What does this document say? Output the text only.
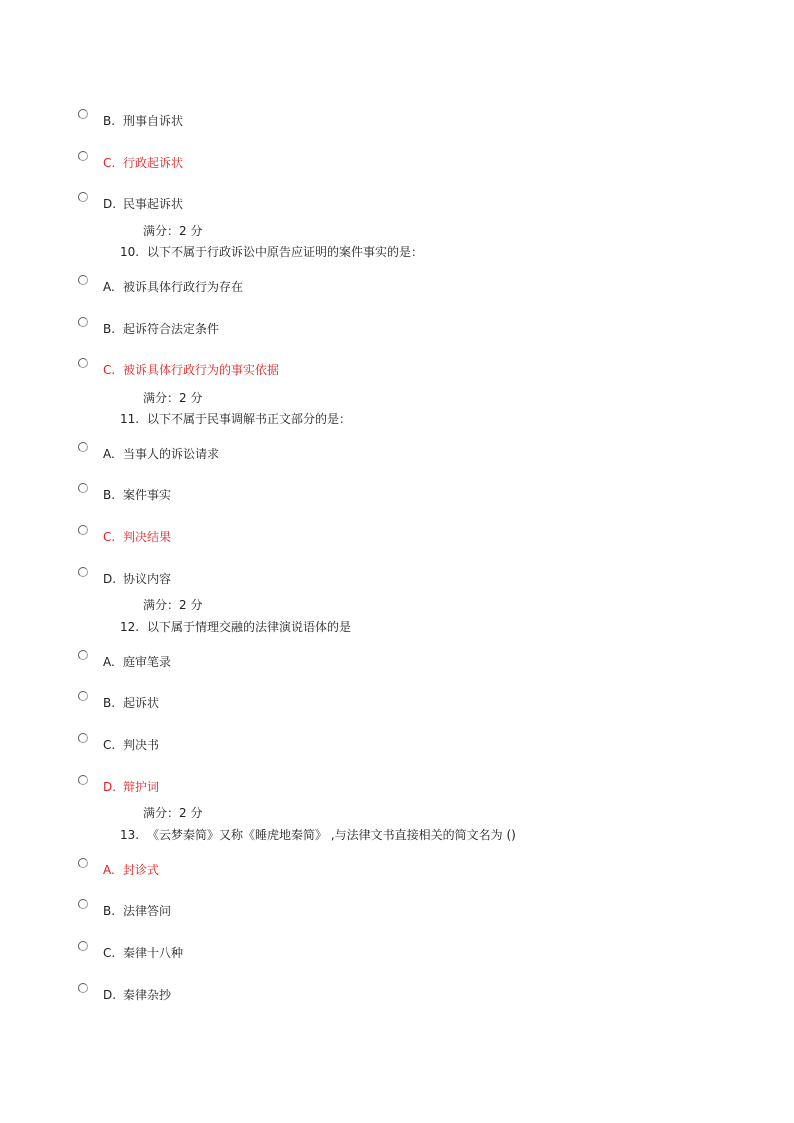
B. 刑事自诉状
C. 行政起诉状
D. 民事起诉状
满分：2 分
10. 以下不属于行政诉讼中原告应证明的案件事实的是：
A. 被诉具体行政行为存在
B. 起诉符合法定条件
C. 被诉具体行政行为的事实依据
满分：2 分
11. 以下不属于民事调解书正文部分的是：
A. 当事人的诉讼请求
B. 案件事实
C. 判决结果
D. 协议内容
满分：2 分
12. 以下属于情理交融的法律演说语体的是
A. 庭审笔录
B. 起诉状
C. 判决书
D. 辩护词
满分：2 分
13. 《云梦秦简》又称《睡虎地秦简》 ,与法律文书直接相关的简文名为 ()
A. 封诊式
B. 法律答问
C. 秦律十八种
D. 秦律杂抄
